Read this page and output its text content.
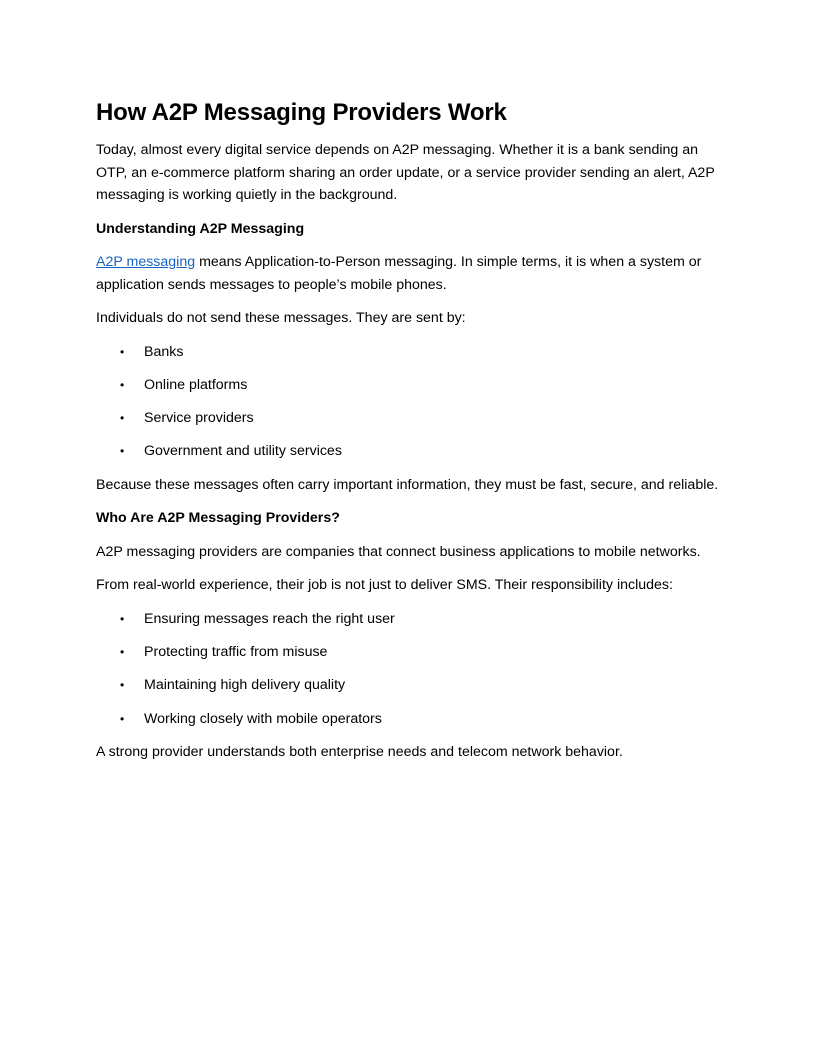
How A2P Messaging Providers Work

Today, almost every digital service depends on A2P messaging. Whether it is a bank sending an OTP, an e-commerce platform sharing an order update, or a service provider sending an alert, A2P messaging is working quietly in the background.

Understanding A2P Messaging

A2P messaging means Application-to-Person messaging. In simple terms, it is when a system or application sends messages to people’s mobile phones.

Individuals do not send these messages. They are sent by:

• Banks
• Online platforms
• Service providers
• Government and utility services

Because these messages often carry important information, they must be fast, secure, and reliable.

Who Are A2P Messaging Providers?

A2P messaging providers are companies that connect business applications to mobile networks.

From real-world experience, their job is not just to deliver SMS. Their responsibility includes:

• Ensuring messages reach the right user
• Protecting traffic from misuse
• Maintaining high delivery quality
• Working closely with mobile operators

A strong provider understands both enterprise needs and telecom network behavior.
